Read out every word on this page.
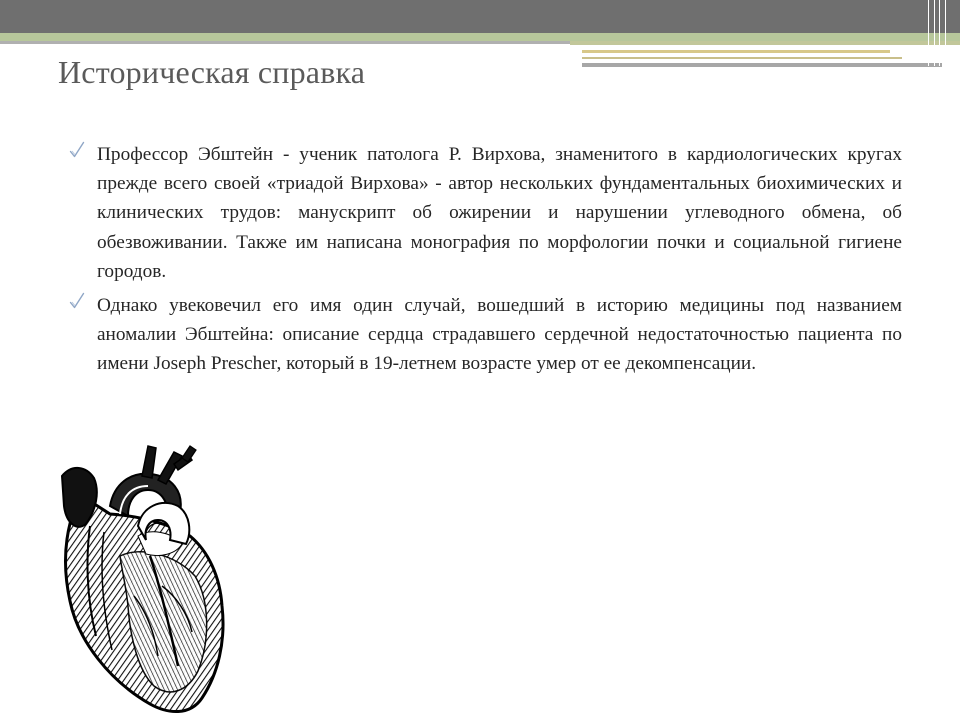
Историческая справка
Профессор Эбштейн - ученик патолога Р. Вирхова, знаменитого в кардиологических кругах прежде всего своей «триадой Вирхова» - автор нескольких фундаментальных биохимических и клинических трудов: манускрипт об ожирении и нарушении углеводного обмена, об обезвоживании. Также им написана монография по морфологии почки и социальной гигиене городов.
Однако увековечил его имя один случай, вошедший в историю медицины под названием аномалии Эбштейна: описание сердца страдавшего сердечной недостаточностью пациента по имени Joseph Prescher, который в 19-летнем возрасте умер от ее декомпенсации.
